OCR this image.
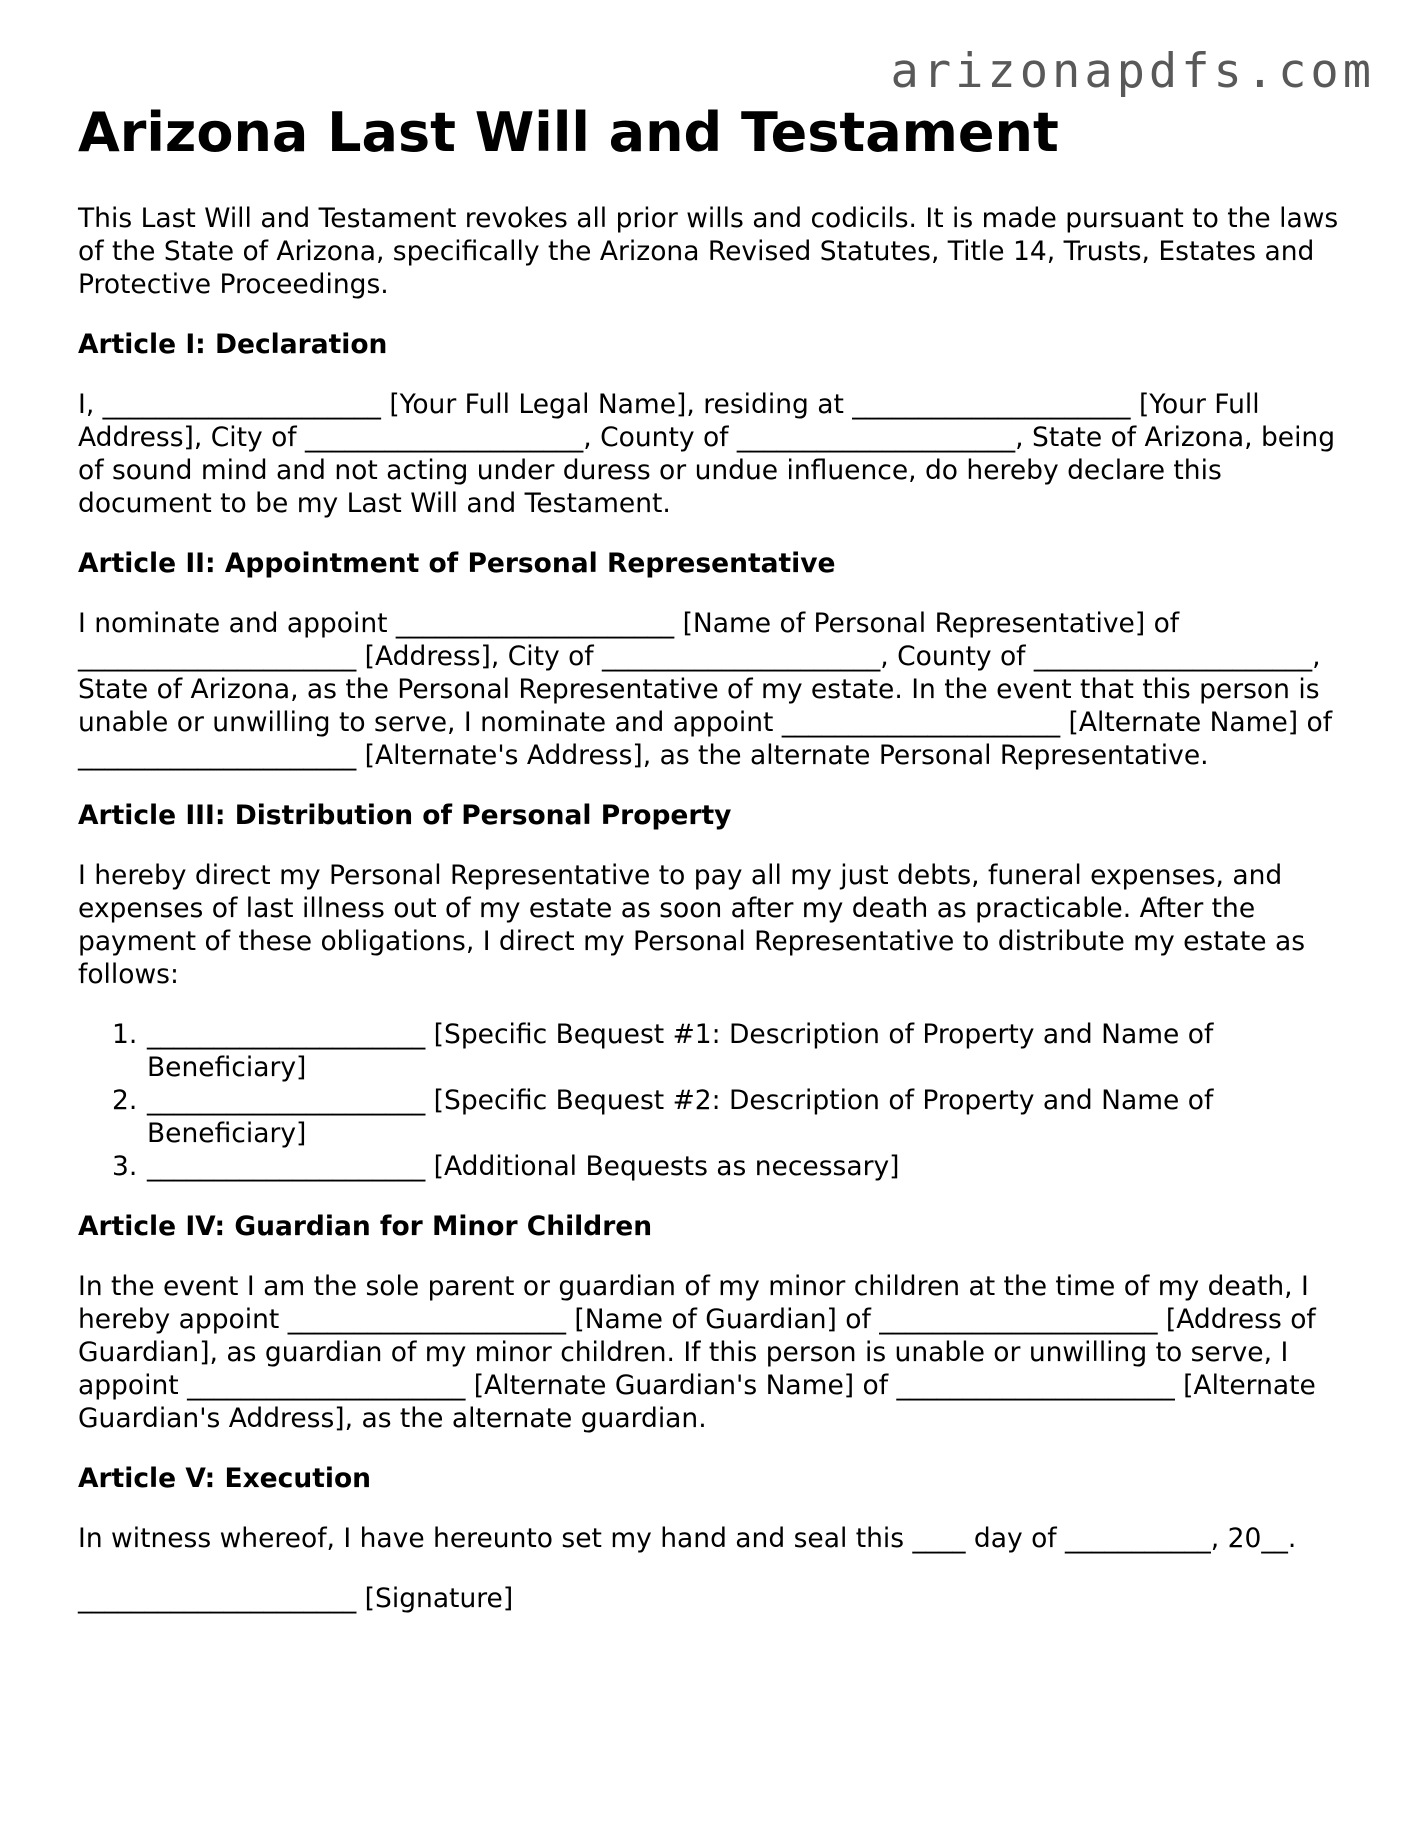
arizonapdfs.com
Arizona Last Will and Testament

This Last Will and Testament revokes all prior wills and codicils. It is made pursuant to the laws of the State of Arizona, specifically the Arizona Revised Statutes, Title 14, Trusts, Estates and Protective Proceedings.

Article I: Declaration

I, _____________________ [Your Full Legal Name], residing at _____________________ [Your Full Address], City of _____________________, County of _____________________, State of Arizona, being of sound mind and not acting under duress or undue influence, do hereby declare this document to be my Last Will and Testament.

Article II: Appointment of Personal Representative

I nominate and appoint _____________________ [Name of Personal Representative] of _____________________ [Address], City of _____________________, County of _____________________, State of Arizona, as the Personal Representative of my estate. In the event that this person is unable or unwilling to serve, I nominate and appoint _____________________ [Alternate Name] of _____________________ [Alternate's Address], as the alternate Personal Representative.

Article III: Distribution of Personal Property

I hereby direct my Personal Representative to pay all my just debts, funeral expenses, and expenses of last illness out of my estate as soon after my death as practicable. After the payment of these obligations, I direct my Personal Representative to distribute my estate as follows:

1. _____________________ [Specific Bequest #1: Description of Property and Name of Beneficiary]
2. _____________________ [Specific Bequest #2: Description of Property and Name of Beneficiary]
3. _____________________ [Additional Bequests as necessary]
Article IV: Guardian for Minor Children

In the event I am the sole parent or guardian of my minor children at the time of my death, I hereby appoint _____________________ [Name of Guardian] of _____________________ [Address of Guardian], as guardian of my minor children. If this person is unable or unwilling to serve, I appoint _____________________ [Alternate Guardian's Name] of _____________________ [Alternate Guardian's Address], as the alternate guardian.

Article V: Execution

In witness whereof, I have hereunto set my hand and seal this ____ day of ___________, 20__.

_____________________ [Signature]
